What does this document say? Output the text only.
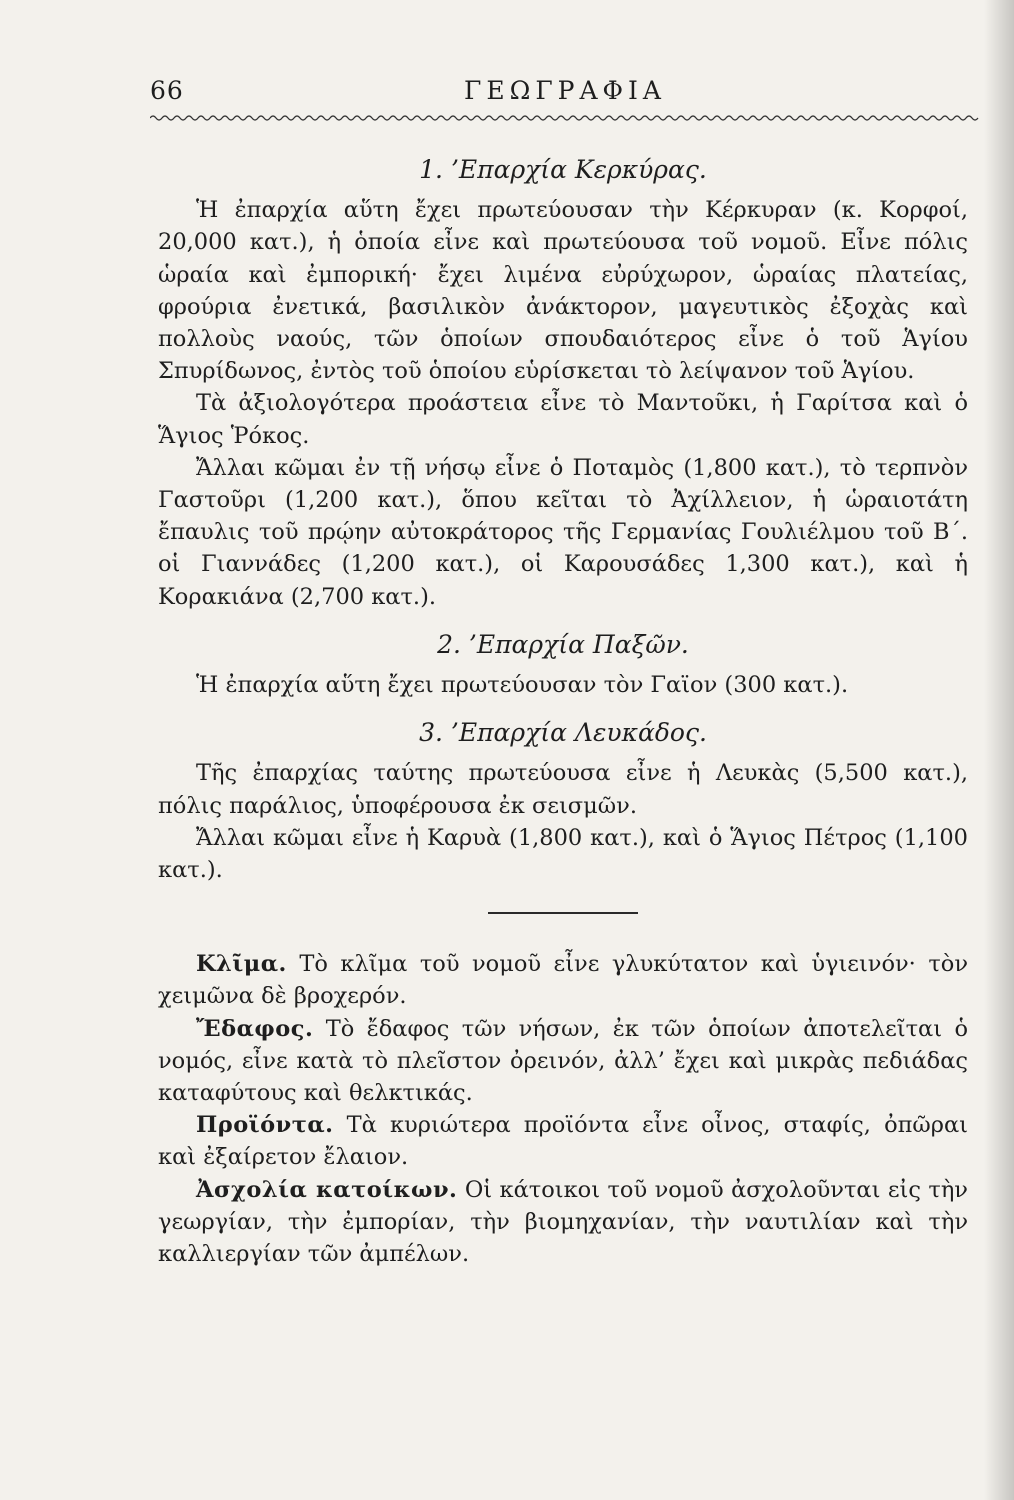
66	ΓΕΩΓΡΑΦΙΑ
1. ’Επαρχία Κερκύρας.

Ἡ ἐπαρχία αὕτη ἔχει πρωτεύουσαν τὴν Κέρκυραν (κ. Κορφοί, 20,000 κατ.), ἡ ὁποία εἶνε καὶ πρωτεύουσα τοῦ νομοῦ. Εἶνε πόλις ὡραία καὶ ἐμπορική· ἔχει λιμένα εὐρύχωρον, ὡραίας πλατείας, φρούρια ἐνετικά, βασιλικὸν ἀνάκτορον, μαγευτικὸς ἐξοχὰς καὶ πολλοὺς ναούς, τῶν ὁποίων σπουδαιότερος εἶνε ὁ τοῦ Ἁγίου Σπυρίδωνος, ἐντὸς τοῦ ὁποίου εὑρίσκεται τὸ λείψανον τοῦ Ἁγίου.

Τὰ ἀξιολογότερα προάστεια εἶνε τὸ Μαντοῦκι, ἡ Γαρίτσα καὶ ὁ Ἅγιος Ῥόκος.

Ἄλλαι κῶμαι ἐν τῇ νήσῳ εἶνε ὁ Ποταμὸς (1,800 κατ.), τὸ τερπνὸν Γαστοῦρι (1,200 κατ.), ὅπου κεῖται τὸ Ἀχίλλειον, ἡ ὡραιοτάτη ἔπαυλις τοῦ πρῴην αὐτοκράτορος τῆς Γερμανίας Γουλιέλμου τοῦ Β΄. οἱ Γιαννάδες (1,200 κατ.), οἱ Καρουσάδες 1,300 κατ.), καὶ ἡ Κορακιάνα (2,700 κατ.).

2. ’Επαρχία Παξῶν.

Ἡ ἐπαρχία αὕτη ἔχει πρωτεύουσαν τὸν Γαϊον (300 κατ.).

3. ’Επαρχία Λευκάδος.

Τῆς ἐπαρχίας ταύτης πρωτεύουσα εἶνε ἡ Λευκὰς (5,500 κατ.), πόλις παράλιος, ὑποφέρουσα ἐκ σεισμῶν.

Ἄλλαι κῶμαι εἶνε ἡ Καρυὰ (1,800 κατ.), καὶ ὁ Ἅγιος Πέτρος (1,100 κατ.).

Κλῖμα. Τὸ κλῖμα τοῦ νομοῦ εἶνε γλυκύτατον καὶ ὑγιεινόν· τὸν χειμῶνα δὲ βροχερόν.

Ἔδαφος. Τὸ ἔδαφος τῶν νήσων, ἐκ τῶν ὁποίων ἀποτελεῖται ὁ νομός, εἶνε κατὰ τὸ πλεῖστον ὀρεινόν, ἀλλ’ ἔχει καὶ μικρὰς πεδιάδας καταφύτους καὶ θελκτικάς.

Προϊόντα. Τὰ κυριώτερα προϊόντα εἶνε οἶνος, σταφίς, ὀπῶραι καὶ ἐξαίρετον ἔλαιον.

Ἀσχολία κατοίκων. Οἱ κάτοικοι τοῦ νομοῦ ἀσχολοῦνται εἰς τὴν γεωργίαν, τὴν ἐμπορίαν, τὴν βιομηχανίαν, τὴν ναυτιλίαν καὶ τὴν καλλιεργίαν τῶν ἀμπέλων.
